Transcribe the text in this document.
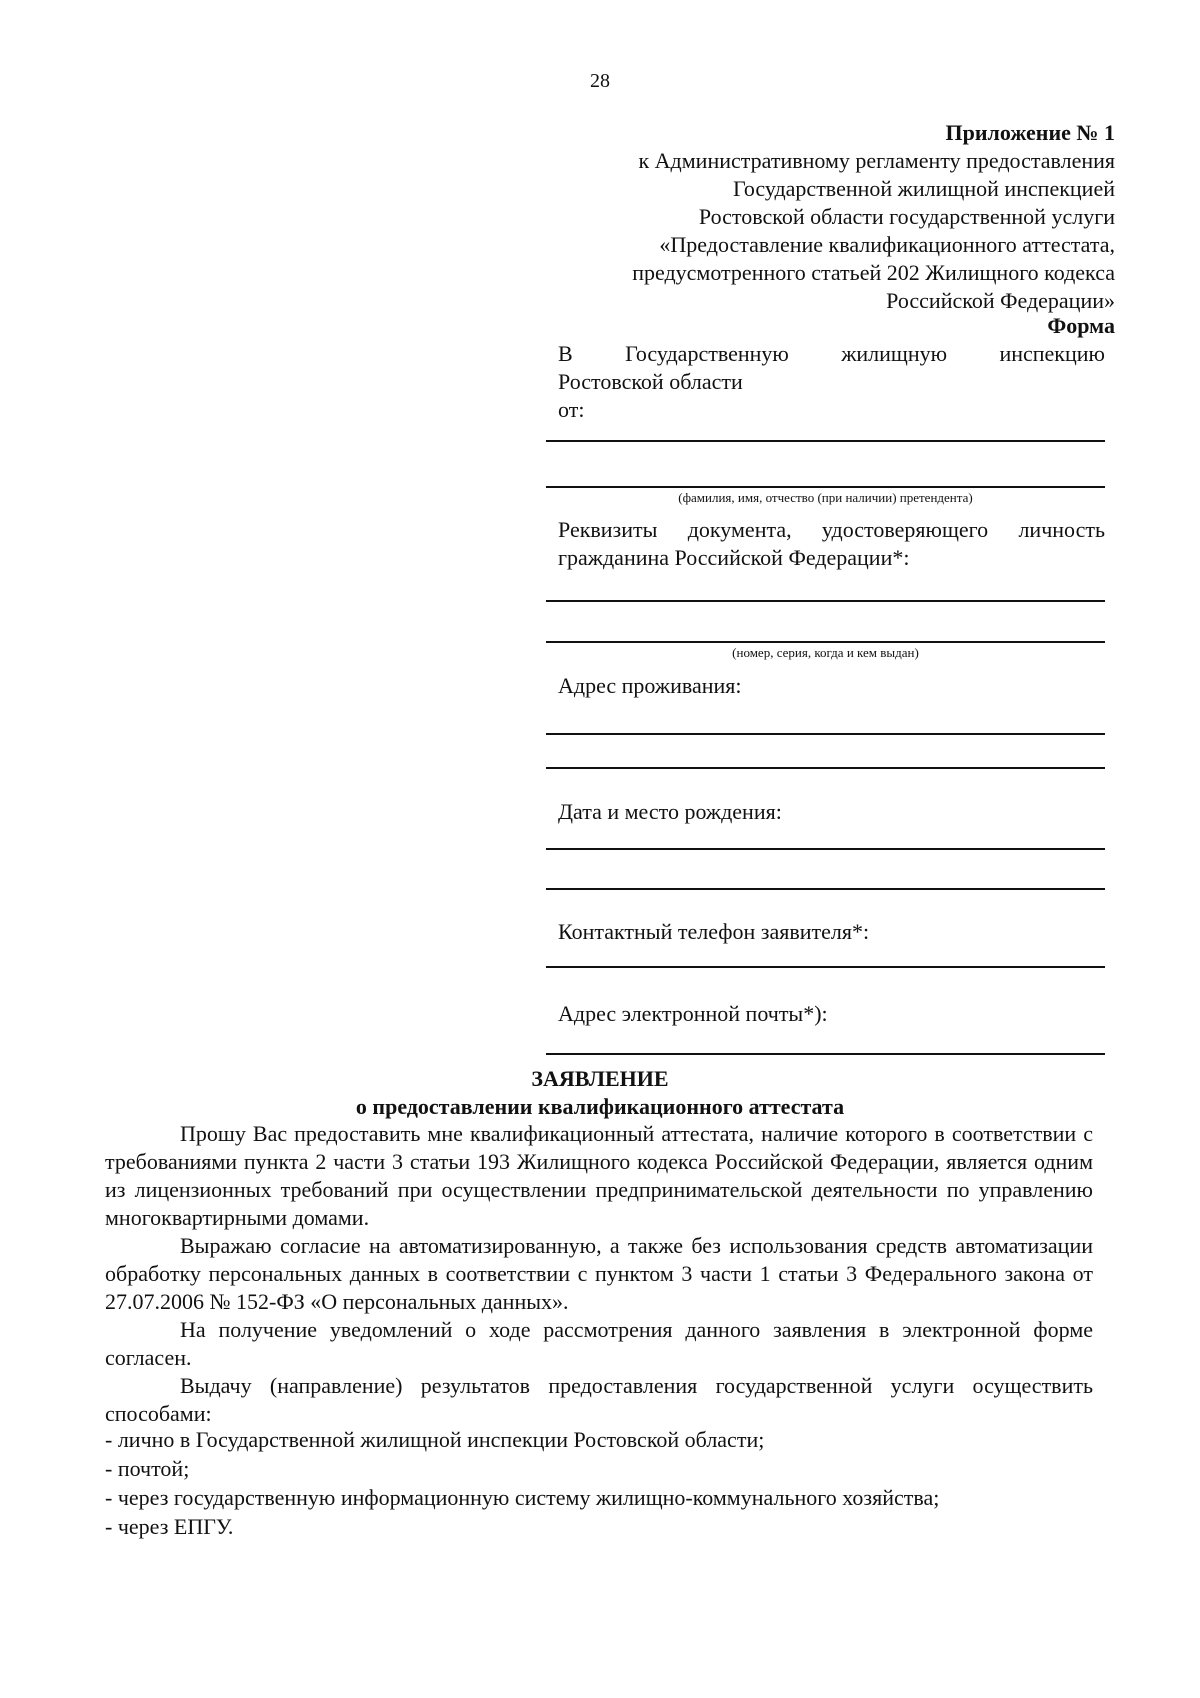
28
Приложение № 1
к Административному регламенту предоставления
Государственной жилищной инспекцией
Ростовской области государственной услуги
«Предоставление квалификационного аттестата,
предусмотренного статьей 202 Жилищного кодекса
Российской Федерации»
Форма
В Государственную жилищную инспекцию
Ростовской области
от:
(фамилия, имя, отчество (при наличии) претендента)
Реквизиты документа, удостоверяющего личность гражданина Российской Федерации*:
(номер, серия, когда и кем выдан)
Адрес проживания:
Дата и место рождения:
Контактный телефон заявителя*:
Адрес электронной почты*):
ЗАЯВЛЕНИЕ
о предоставлении квалификационного аттестата

Прошу Вас предоставить мне квалификационный аттестата, наличие которого в соответствии с требованиями пункта 2 части 3 статьи 193 Жилищного кодекса Российской Федерации, является одним из лицензионных требований при осуществлении предпринимательской деятельности по управлению многоквартирными домами.

Выражаю согласие на автоматизированную, а также без использования средств автоматизации обработку персональных данных в соответствии с пунктом 3 части 1 статьи 3 Федерального закона от 27.07.2006 № 152-ФЗ «О персональных данных».

На получение уведомлений о ходе рассмотрения данного заявления в электронной форме согласен.

Выдачу (направление) результатов предоставления государственной услуги осуществить способами:

- лично в Государственной жилищной инспекции Ростовской области;
- почтой;
- через государственную информационную систему жилищно-коммунального хозяйства;
- через ЕПГУ.
